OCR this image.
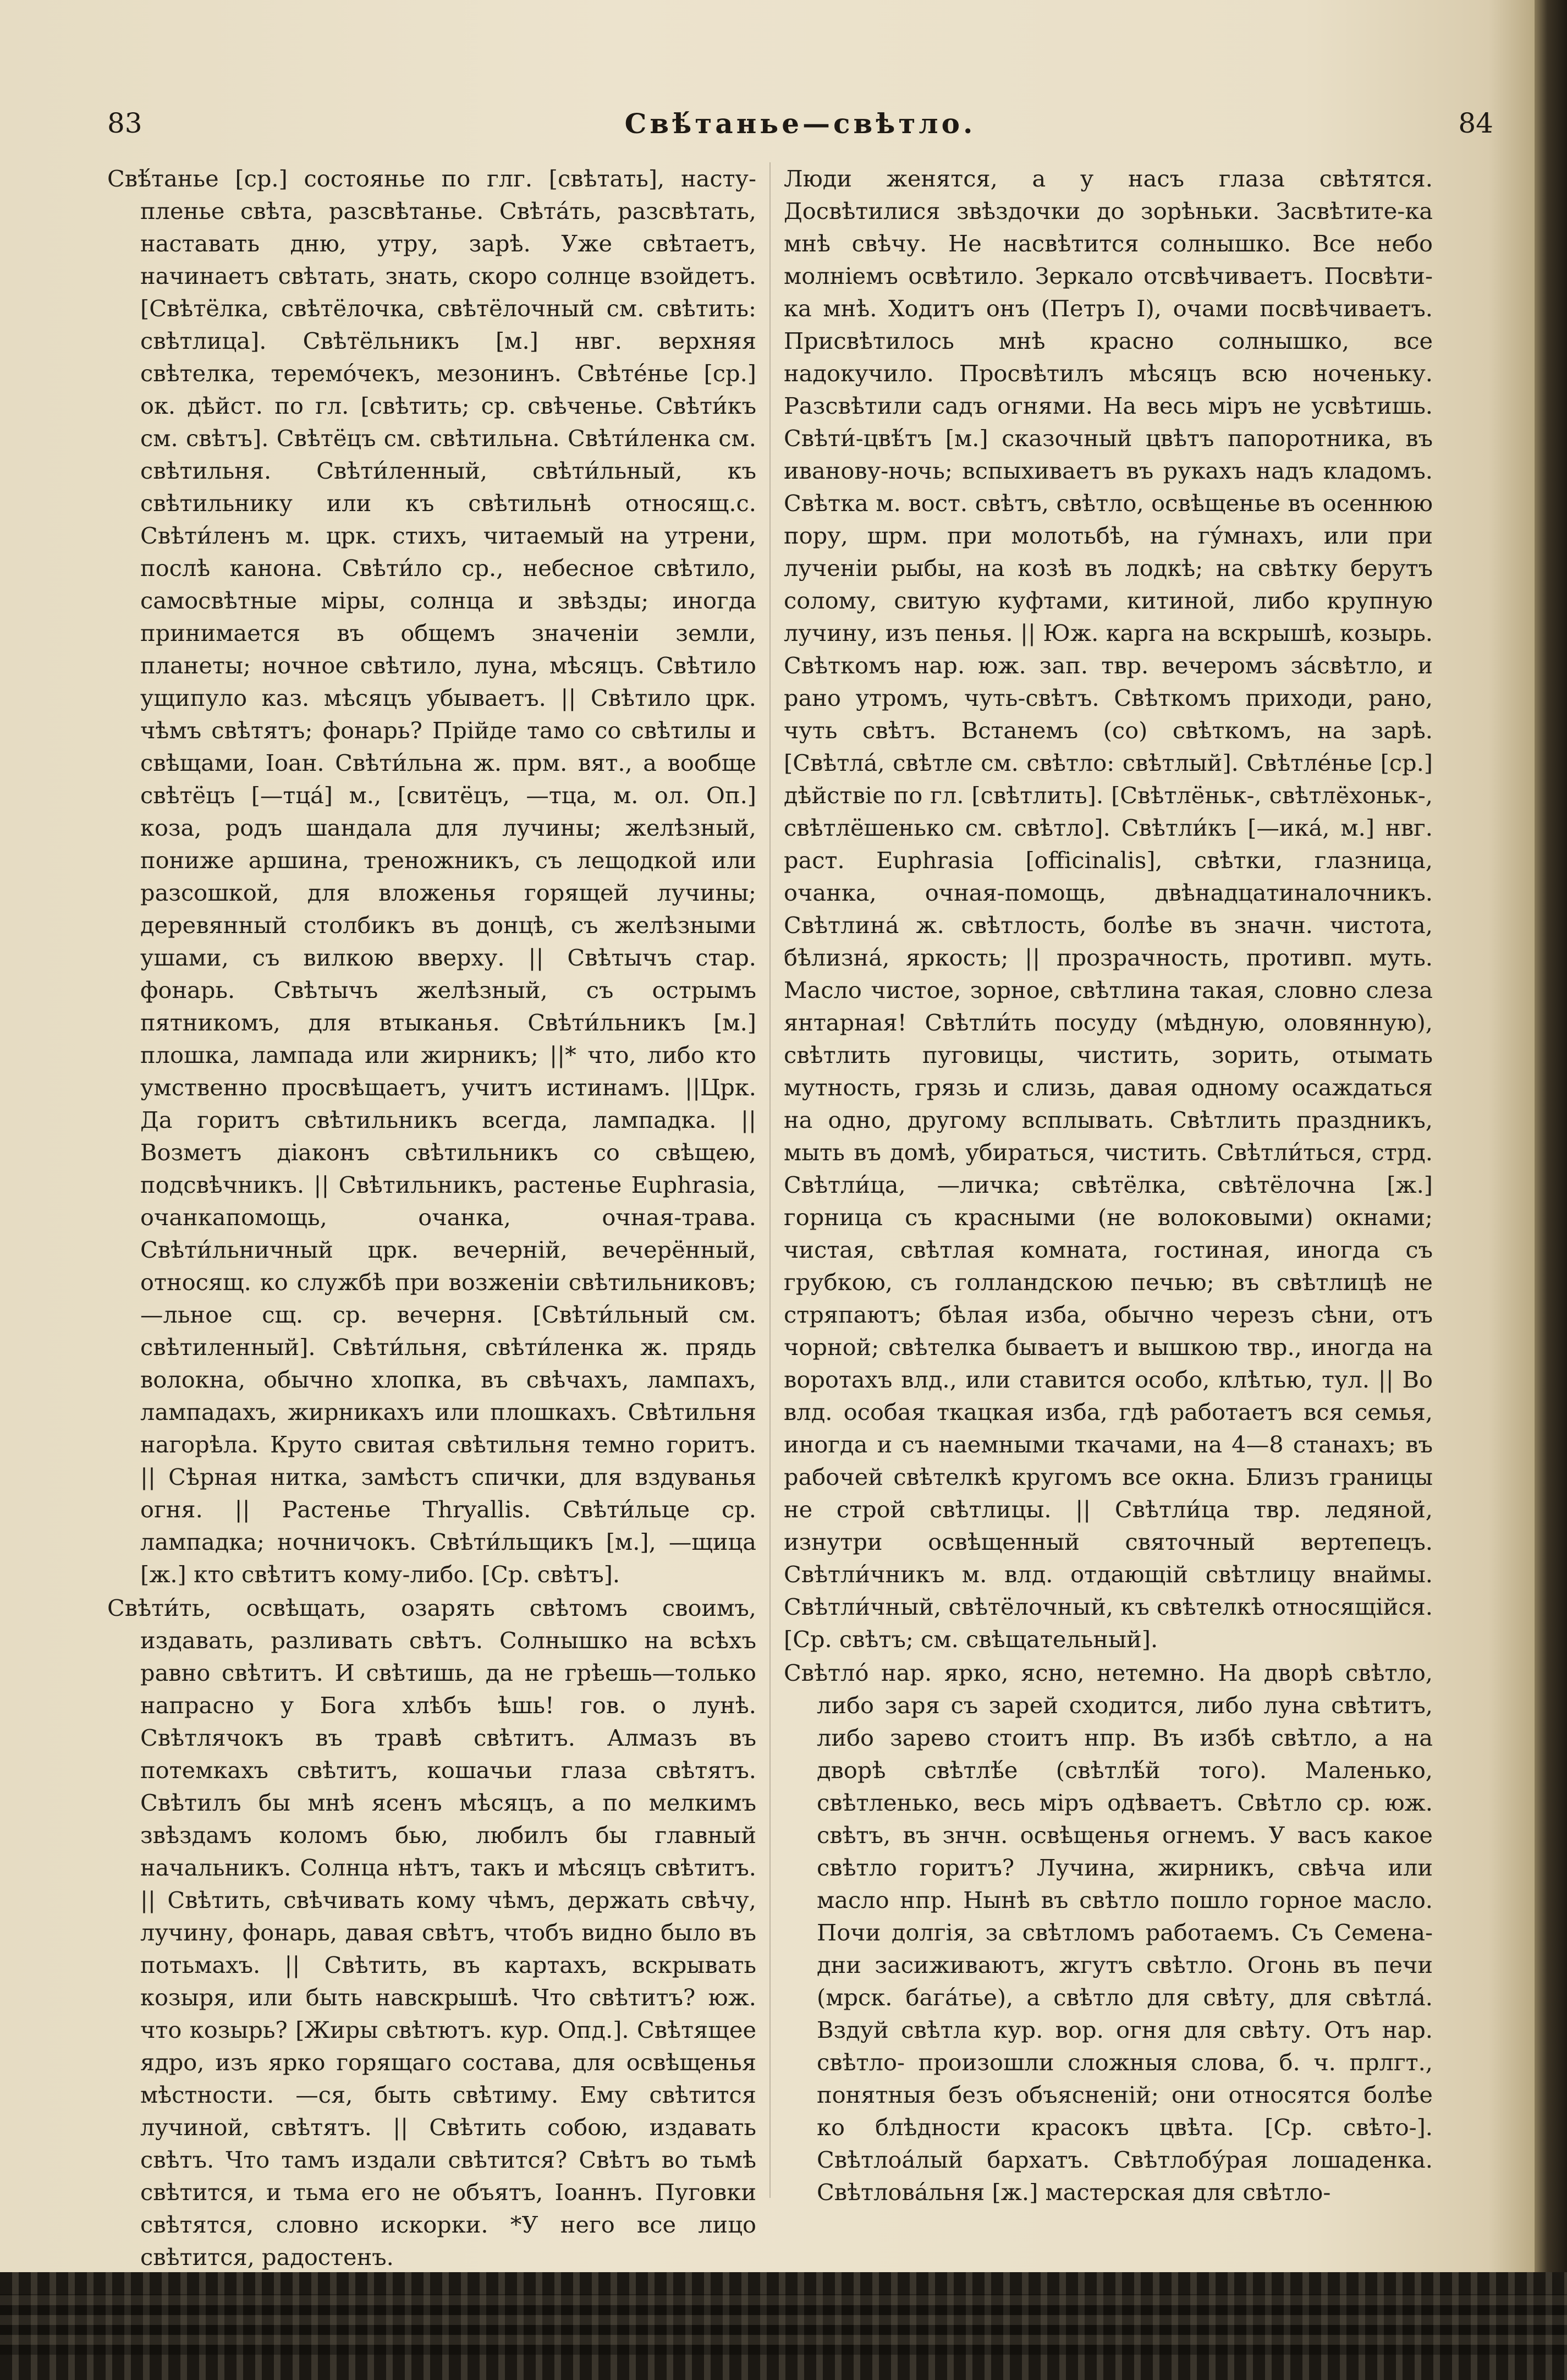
83	Свѣ́танье—свѣтло.	84

Свѣ́танье [ср.] состоянье по глг. [свѣтать], насту-пленье свѣта, разсвѣтанье. Свѣта́ть, разсвѣтать, наставать дню, утру, зарѣ. Уже свѣтаетъ, начинаетъ свѣтать, знать, скоро солнце взойдетъ. [Свѣтёлка, свѣтёлочка, свѣтёлочный см. свѣтить: свѣтлица]. Свѣтёльникъ [м.] нвг. верхняя свѣтелка, теремо́чекъ, мезонинъ. Свѣте́нье [ср.] ок. дѣйст. по гл. [свѣтить; ср. свѣченье. Свѣти́къ см. свѣтъ]. Свѣтёцъ см. свѣтильна. Свѣти́ленка см. свѣтильня. Свѣти́ленный, свѣти́льный, къ свѣтильнику или къ свѣтильнѣ относящ.с. Свѣти́ленъ м. црк. стихъ, читаемый на утрени, послѣ канона. Свѣти́ло ср., небесное свѣтило, самосвѣтные міры, солнца и звѣзды; иногда принимается въ общемъ значеніи земли, планеты; ночное свѣтило, луна, мѣсяцъ. Свѣтило ущипуло каз. мѣсяцъ убываетъ. || Свѣтило црк. чѣмъ свѣтятъ; фонарь? Прійде тамо со свѣтилы и свѣщами, Іоан. Свѣти́льна ж. прм. вят., а вообще свѣтёцъ [—тца́] м., [свитёцъ, —тца, м. ол. Оп.] коза, родъ шандала для лучины; желѣзный, пониже аршина, треножникъ, съ лещодкой или разсошкой, для вложенья горящей лучины; деревянный столбикъ въ донцѣ, съ желѣзными ушами, съ вилкою вверху. || Свѣтычъ стар. фонарь. Свѣтычъ желѣзный, съ острымъ пятникомъ, для втыканья. Свѣти́льникъ [м.] плошка, лампада или жирникъ; ||* что, либо кто умственно просвѣщаетъ, учитъ истинамъ. ||Црк. Да горитъ свѣтильникъ всегда, лампадка. || Возметъ діаконъ свѣтильникъ со свѣщею, подсвѣчникъ. || Свѣтильникъ, растенье Euphrasia, очанкапомощь, очанка, очная-трава. Свѣти́льничный црк. вечерній, вечерённый, относящ. ко службѣ при возженіи свѣтильниковъ; —льное сщ. ср. вечерня. [Свѣти́льный см. свѣтиленный]. Свѣти́льня, свѣти́ленка ж. прядь волокна, обычно хлопка, въ свѣчахъ, лампахъ, лампадахъ, жирникахъ или плошкахъ. Свѣтильня нагорѣла. Круто свитая свѣтильня темно горитъ. || Сѣрная нитка, замѣстъ спички, для вздуванья огня. || Растенье Thryallis. Свѣти́льце ср. лампадка; ночничокъ. Свѣти́льщикъ [м.], —щица [ж.] кто свѣтитъ кому-либо. [Ср. свѣтъ].

Свѣти́ть, освѣщать, озарять свѣтомъ своимъ, издавать, разливать свѣтъ. Солнышко на всѣхъ равно свѣтитъ. И свѣтишь, да не грѣешь—только напрасно у Бога хлѣбъ ѣшь! гов. о лунѣ. Свѣтлячокъ въ травѣ свѣтитъ. Алмазъ въ потемкахъ свѣтитъ, кошачьи глаза свѣтятъ. Свѣтилъ бы мнѣ ясенъ мѣсяцъ, а по мелкимъ звѣздамъ коломъ бью, любилъ бы главный начальникъ. Солнца нѣтъ, такъ и мѣсяцъ свѣтитъ. || Свѣтить, свѣчивать кому чѣмъ, держать свѣчу, лучину, фонарь, давая свѣтъ, чтобъ видно было въ потьмахъ. || Свѣтить, въ картахъ, вскрывать козыря, или быть навскрышѣ. Что свѣтитъ? юж. что козырь? [Жиры свѣтютъ. кур. Опд.]. Свѣтящее ядро, изъ ярко горящаго состава, для освѣщенья мѣстности. —ся, быть свѣтиму. Ему свѣтится лучиной, свѣтятъ. || Свѣтить собою, издавать свѣтъ. Что тамъ издали свѣтится? Свѣтъ во тьмѣ свѣтится, и тьма его не объятъ, Іоаннъ. Пуговки свѣтятся, словно искорки. *У него все лицо свѣтится, радостенъ.

Люди женятся, а у насъ глаза свѣтятся. Досвѣтилися звѣздочки до зорѣньки. Засвѣтите-ка мнѣ свѣчу. Не насвѣтится солнышко. Все небо молніемъ освѣтило. Зеркало отсвѣчиваетъ. Посвѣти-ка мнѣ. Ходитъ онъ (Петръ I), очами посвѣчиваетъ. Присвѣтилось мнѣ красно солнышко, все надокучило. Просвѣтилъ мѣсяцъ всю ноченьку. Разсвѣтили садъ огнями. На весь міръ не усвѣтишь. Свѣти́-цвѣ́тъ [м.] сказочный цвѣтъ папоротника, въ иванову-ночь; вспыхиваетъ въ рукахъ надъ кладомъ. Свѣтка м. вост. свѣтъ, свѣтло, освѣщенье въ осеннюю пору, шрм. при молотьбѣ, на гу́мнахъ, или при лученіи рыбы, на козѣ въ лодкѣ; на свѣтку берутъ солому, свитую куфтами, китиной, либо крупную лучину, изъ пенья. || Юж. карга на вскрышѣ, козырь. Свѣткомъ нар. юж. зап. твр. вечеромъ за́свѣтло, и рано утромъ, чуть-свѣтъ. Свѣткомъ приходи, рано, чуть свѣтъ. Встанемъ (со) свѣткомъ, на зарѣ. [Свѣтла́, свѣтле см. свѣтло: свѣтлый]. Свѣтле́нье [ср.] дѣйствіе по гл. [свѣтлить]. [Свѣтлёньк-, свѣтлёхоньк-, свѣтлёшенько см. свѣтло]. Свѣтли́къ [—ика́, м.] нвг. раст. Euphrasia [officinalis], свѣтки, глазница, очанка, очная-помощь, двѣнадцатиналочникъ. Свѣтлина́ ж. свѣтлость, болѣе въ значн. чистота, бѣлизна́, яркость; || прозрачность, противп. муть. Масло чистое, зорное, свѣтлина такая, словно слеза янтарная! Свѣтли́ть посуду (мѣдную, оловянную), свѣтлить пуговицы, чистить, зорить, отымать мутность, грязь и слизь, давая одному осаждаться на одно, другому всплывать. Свѣтлить праздникъ, мыть въ домѣ, убираться, чистить. Свѣтли́ться, стрд. Свѣтли́ца, —личка; свѣтёлка, свѣтёлочна [ж.] горница съ красными (не волоковыми) окнами; чистая, свѣтлая комната, гостиная, иногда съ грубкою, съ голландскою печью; въ свѣтлицѣ не стряпаютъ; бѣлая изба, обычно черезъ сѣни, отъ чорной; свѣтелка бываетъ и вышкою твр., иногда на воротахъ влд., или ставится особо, клѣтью, тул. || Во влд. особая ткацкая изба, гдѣ работаетъ вся семья, иногда и съ наемными ткачами, на 4—8 станахъ; въ рабочей свѣтелкѣ кругомъ все окна. Близъ границы не строй свѣтлицы. || Свѣтли́ца твр. ледяной, изнутри освѣщенный святочный вертепецъ. Свѣтли́чникъ м. влд. отдающій свѣтлицу внаймы. Свѣтли́чный, свѣтёлочный, къ свѣтелкѣ относящійся. [Ср. свѣтъ; см. свѣщательный].

Свѣтло́ нар. ярко, ясно, нетемно. На дворѣ свѣтло, либо заря съ зарей сходится, либо луна свѣтитъ, либо зарево стоитъ нпр. Въ избѣ свѣтло, а на дворѣ свѣтлѣ́е (свѣтлѣ́й того). Маленько, свѣтленько, весь міръ одѣваетъ. Свѣтло ср. юж. свѣтъ, въ знчн. освѣщенья огнемъ. У васъ какое свѣтло горитъ? Лучина, жирникъ, свѣча или масло нпр. Нынѣ въ свѣтло пошло горное масло. Почи долгія, за свѣтломъ работаемъ. Съ Семена-дни засиживаютъ, жгутъ свѣтло. Огонь въ печи (мрск. бага́тье), а свѣтло для свѣту, для свѣтла́. Вздуй свѣтла кур. вор. огня для свѣту. Отъ нар. свѣтло- произошли сложныя слова, б. ч. прлгт., понятныя безъ объясненій; они относятся болѣе ко блѣдности красокъ цвѣта. [Ср. свѣто-]. Свѣтлоа́лый бархатъ. Свѣтлобу́рая лошаденка. Свѣтлова́льня [ж.] мастерская для свѣтло-
